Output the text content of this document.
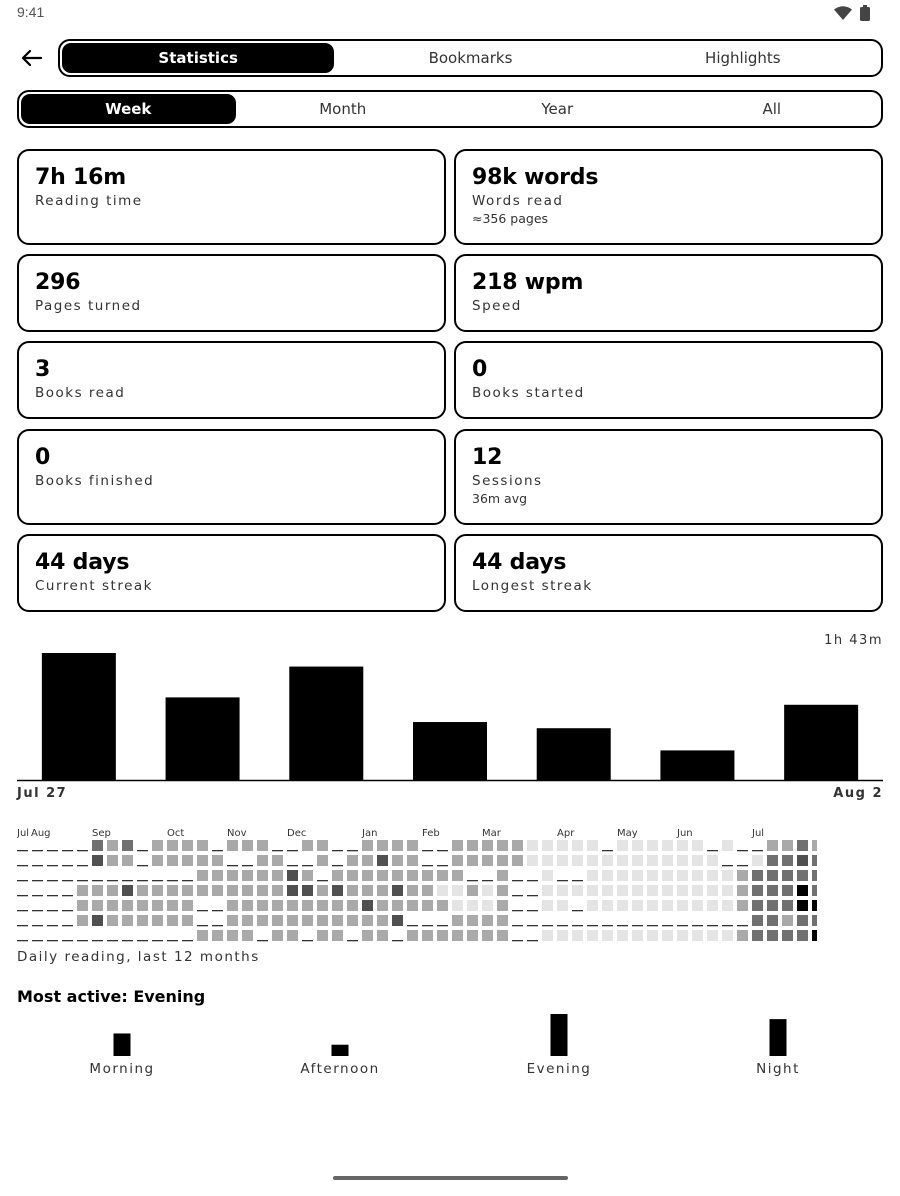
9:41
Statistics	Bookmarks	Highlights
Week	Month	Year	All
7h 16m
Reading time
98k words
Words read
≈356 pages
296
Pages turned
218 wpm
Speed
3
Books read
0
Books started
0
Books finished
12
Sessions
36m avg
44 days
Current streak
44 days
Longest streak
1h 43m
Jul 27	Aug 2
Jul Aug	Sep	Oct	Nov	Dec	Jan	Feb	Mar	Apr	May	Jun	Jul
Daily reading, last 12 months
Most active: Evening
Morning	Afternoon	Evening	Night
